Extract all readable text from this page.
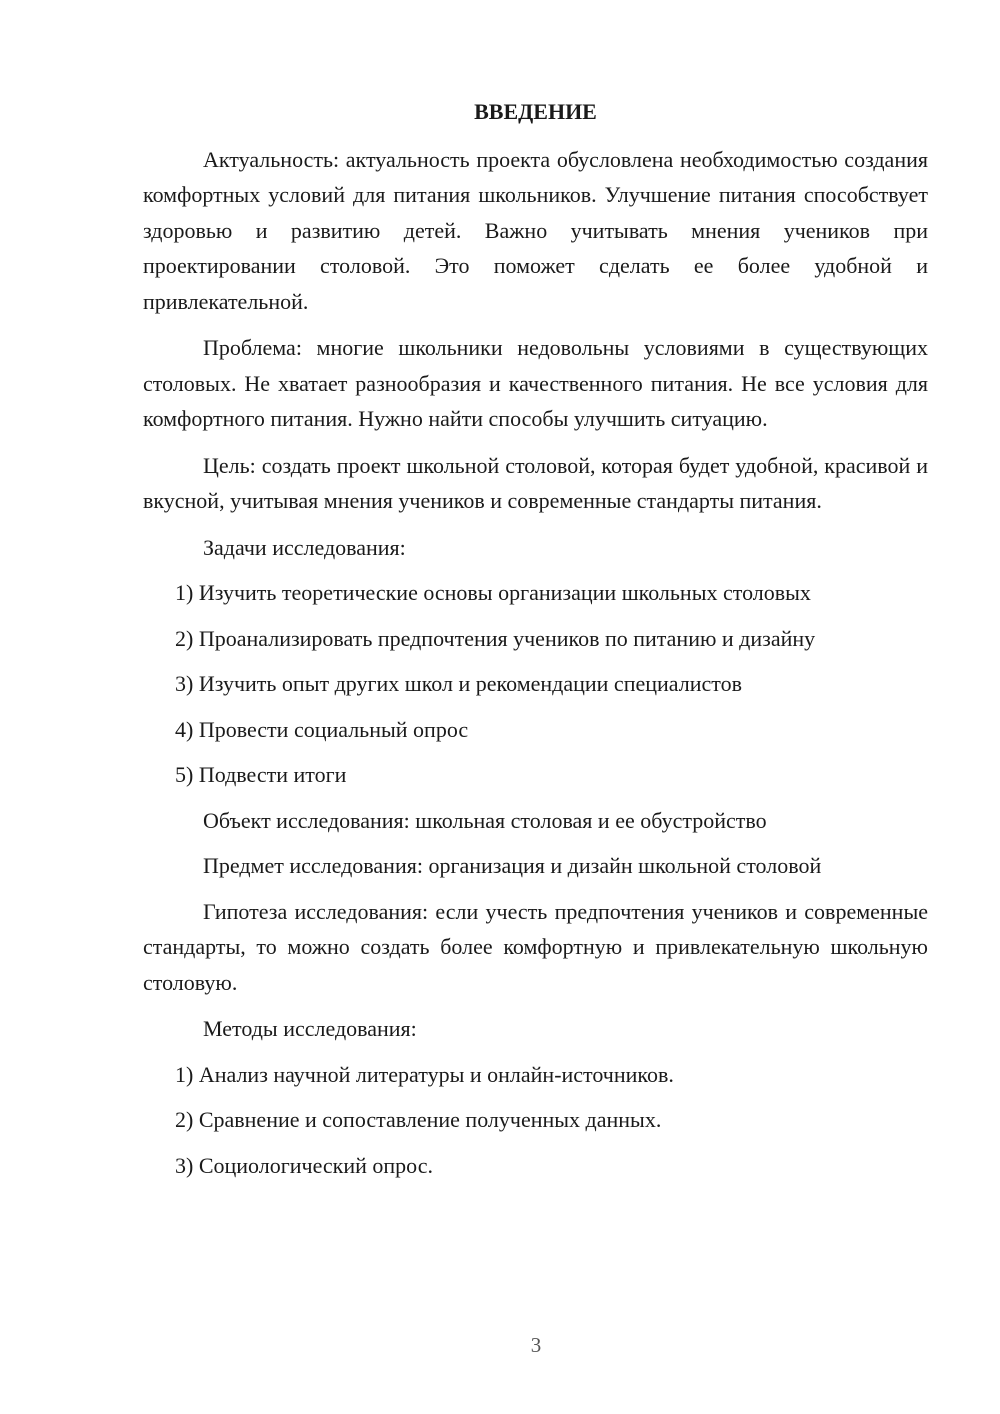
ВВЕДЕНИЕ

Актуальность: актуальность проекта обусловлена необходимостью создания комфортных условий для питания школьников. Улучшение питания способствует здоровью и развитию детей. Важно учитывать мнения учеников при проектировании столовой. Это поможет сделать ее более удобной и привлекательной.

Проблема: многие школьники недовольны условиями в существующих столовых. Не хватает разнообразия и качественного питания. Не все условия для комфортного питания. Нужно найти способы улучшить ситуацию.

Цель: создать проект школьной столовой, которая будет удобной, красивой и вкусной, учитывая мнения учеников и современные стандарты питания.

Задачи исследования:

1) Изучить теоретические основы организации школьных столовых
2) Проанализировать предпочтения учеников по питанию и дизайну
3) Изучить опыт других школ и рекомендации специалистов
4) Провести социальный опрос
5) Подвести итоги

Объект исследования: школьная столовая и ее обустройство

Предмет исследования: организация и дизайн школьной столовой

Гипотеза исследования: если учесть предпочтения учеников и современные стандарты, то можно создать более комфортную и привлекательную школьную столовую.

Методы исследования:

1) Анализ научной литературы и онлайн-источников.
2) Сравнение и сопоставление полученных данных.
3) Социологический опрос.
3
